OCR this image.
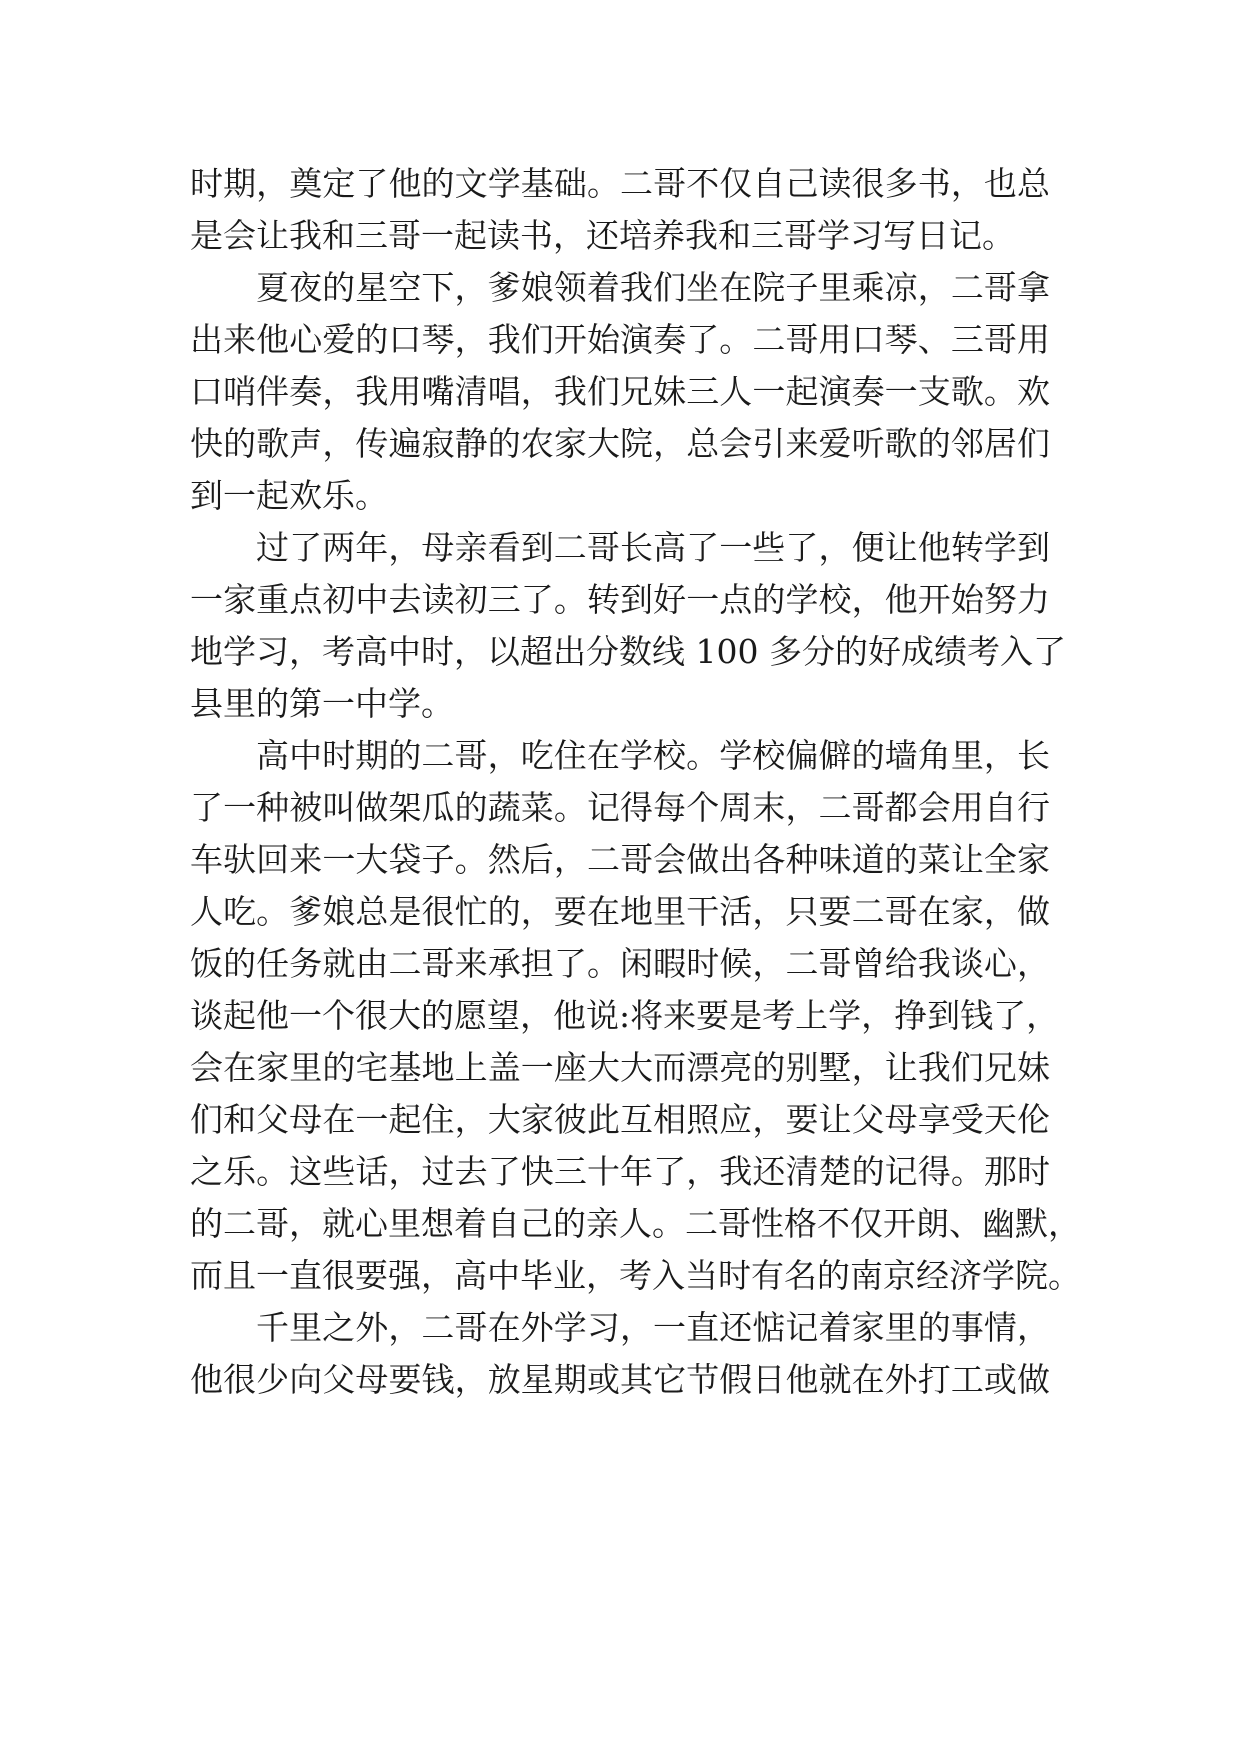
时期，奠定了他的文学基础。二哥不仅自己读很多书，也总
是会让我和三哥一起读书，还培养我和三哥学习写日记。
夏夜的星空下，爹娘领着我们坐在院子里乘凉，二哥拿
出来他心爱的口琴，我们开始演奏了。二哥用口琴、三哥用
口哨伴奏，我用嘴清唱，我们兄妹三人一起演奏一支歌。欢
快的歌声，传遍寂静的农家大院，总会引来爱听歌的邻居们
到一起欢乐。
过了两年，母亲看到二哥长高了一些了，便让他转学到
一家重点初中去读初三了。转到好一点的学校，他开始努力
地学习，考高中时，以超出分数线 100 多分的好成绩考入了
县里的第一中学。
高中时期的二哥，吃住在学校。学校偏僻的墙角里，长
了一种被叫做架瓜的蔬菜。记得每个周末，二哥都会用自行
车驮回来一大袋子。然后，二哥会做出各种味道的菜让全家
人吃。爹娘总是很忙的，要在地里干活，只要二哥在家，做
饭的任务就由二哥来承担了。闲暇时候，二哥曾给我谈心，
谈起他一个很大的愿望，他说:将来要是考上学，挣到钱了，
会在家里的宅基地上盖一座大大而漂亮的别墅，让我们兄妹
们和父母在一起住，大家彼此互相照应，要让父母享受天伦
之乐。这些话，过去了快三十年了，我还清楚的记得。那时
的二哥，就心里想着自己的亲人。二哥性格不仅开朗、幽默，
而且一直很要强，高中毕业，考入当时有名的南京经济学院。
千里之外，二哥在外学习，一直还惦记着家里的事情，
他很少向父母要钱，放星期或其它节假日他就在外打工或做
